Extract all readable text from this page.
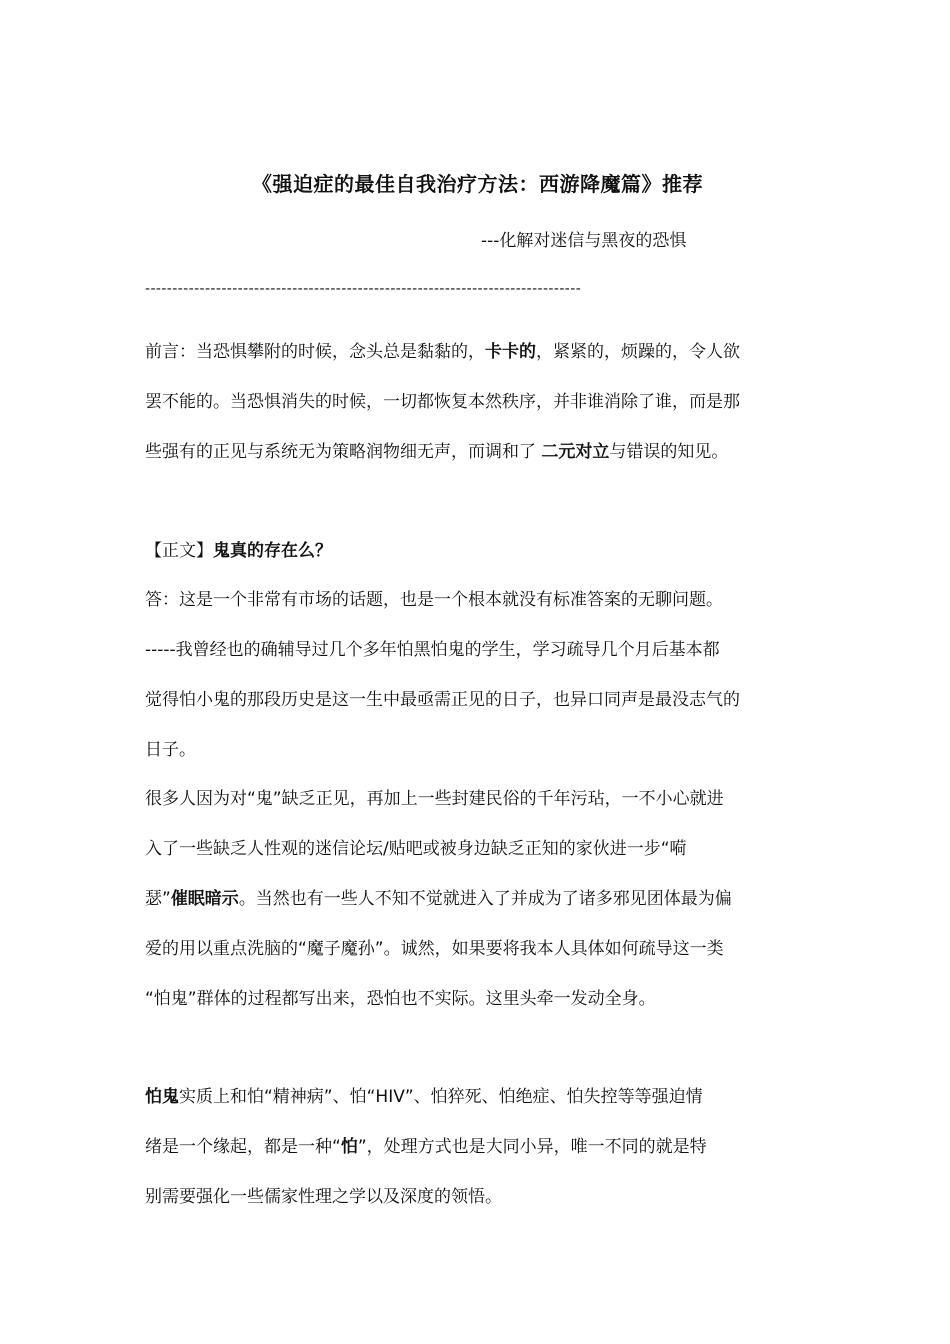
《强迫症的最佳自我治疗方法：西游降魔篇》推荐
---化解对迷信与黑夜的恐惧
--------------------------------------------------------------------------------
前言：当恐惧攀附的时候，念头总是黏黏的，卡卡的，紧紧的，烦躁的，令人欲
罢不能的。当恐惧消失的时候，一切都恢复本然秩序，并非谁消除了谁，而是那
些强有的正见与系统无为策略润物细无声，而调和了 二元对立与错误的知见。
【正文】鬼真的存在么？
答：这是一个非常有市场的话题，也是一个根本就没有标准答案的无聊问题。
-----我曾经也的确辅导过几个多年怕黑怕鬼的学生，学习疏导几个月后基本都
觉得怕小鬼的那段历史是这一生中最亟需正见的日子，也异口同声是最没志气的
日子。
很多人因为对“鬼”缺乏正见，再加上一些封建民俗的千年污玷，一不小心就进
入了一些缺乏人性观的迷信论坛/贴吧或被身边缺乏正知的家伙进一步“嗬
瑟”催眠暗示。当然也有一些人不知不觉就进入了并成为了诸多邪见团体最为偏
爱的用以重点洗脑的“魔子魔孙”。诚然，如果要将我本人具体如何疏导这一类
“怕鬼”群体的过程都写出来，恐怕也不实际。这里头牵一发动全身。
怕鬼实质上和怕“精神病”、怕“HIV”、怕猝死、怕绝症、怕失控等等强迫情
绪是一个缘起，都是一种“怕”，处理方式也是大同小异，唯一不同的就是特
别需要强化一些儒家性理之学以及深度的领悟。
